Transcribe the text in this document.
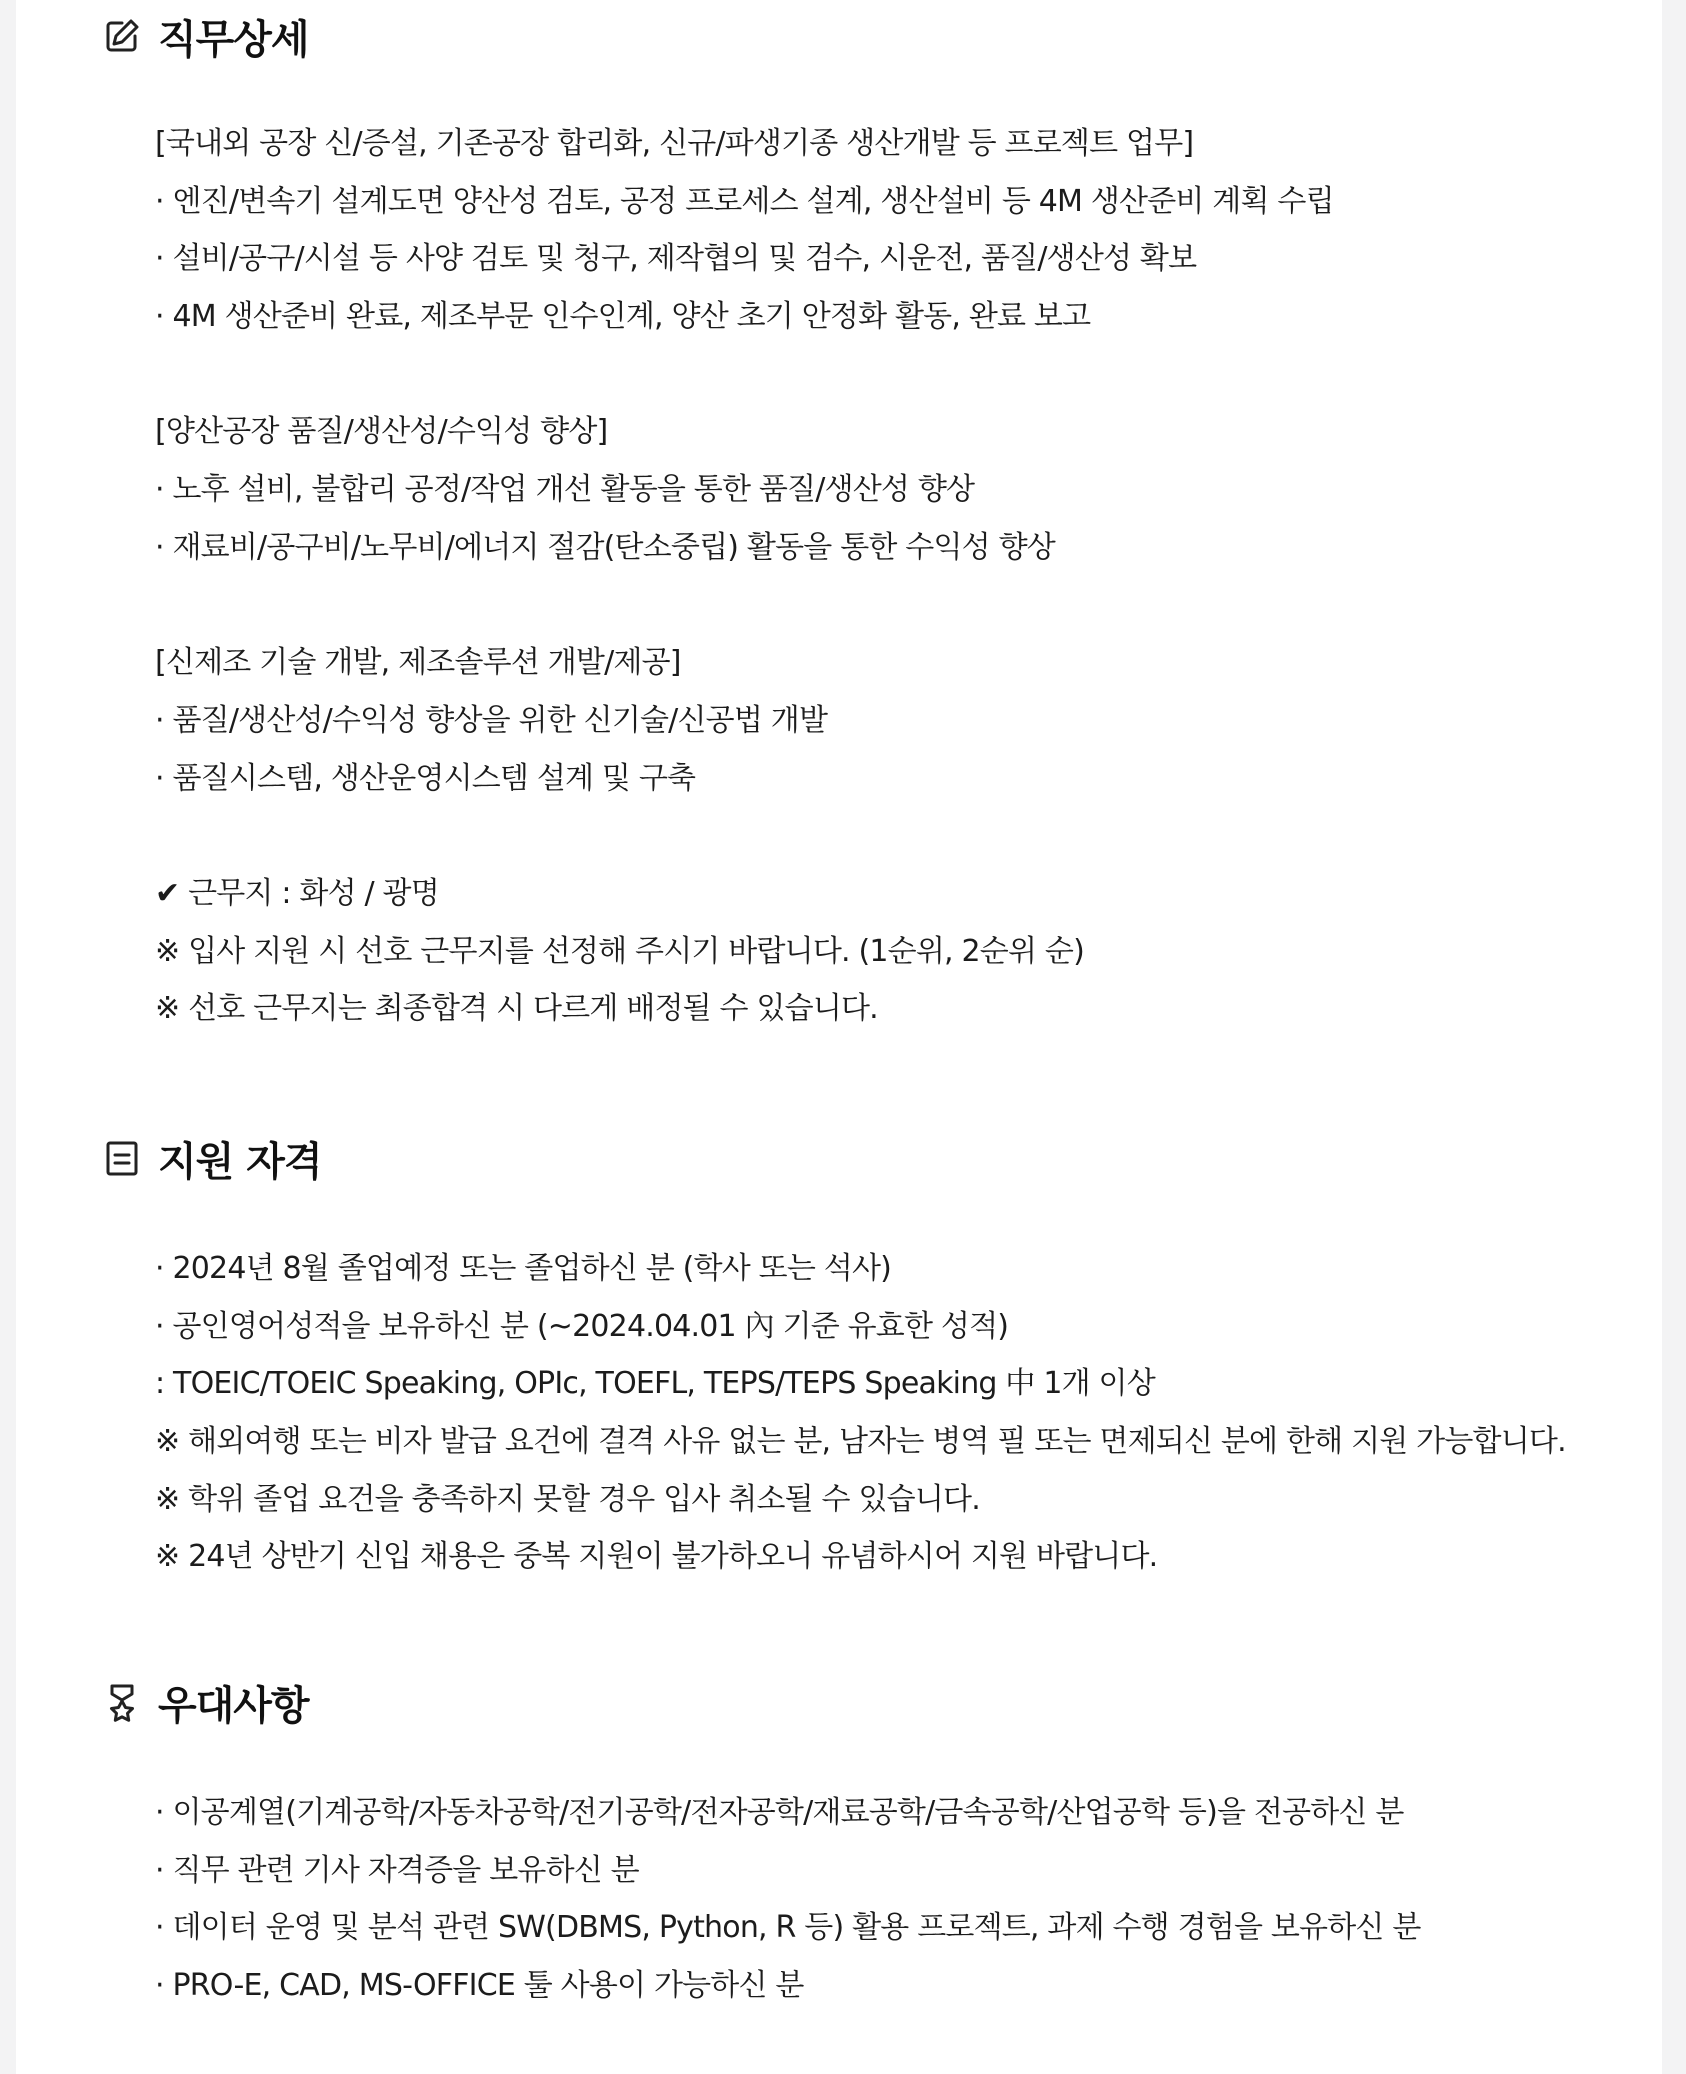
직무상세
[국내외 공장 신/증설, 기존공장 합리화, 신규/파생기종 생산개발 등 프로젝트 업무]
· 엔진/변속기 설계도면 양산성 검토, 공정 프로세스 설계, 생산설비 등 4M 생산준비 계획 수립
· 설비/공구/시설 등 사양 검토 및 청구, 제작협의 및 검수, 시운전, 품질/생산성 확보
· 4M 생산준비 완료, 제조부문 인수인계, 양산 초기 안정화 활동, 완료 보고
[양산공장 품질/생산성/수익성 향상]
· 노후 설비, 불합리 공정/작업 개선 활동을 통한 품질/생산성 향상
· 재료비/공구비/노무비/에너지 절감(탄소중립) 활동을 통한 수익성 향상
[신제조 기술 개발, 제조솔루션 개발/제공]
· 품질/생산성/수익성 향상을 위한 신기술/신공법 개발
· 품질시스템, 생산운영시스템 설계 및 구축
✔ 근무지 : 화성 / 광명
※ 입사 지원 시 선호 근무지를 선정해 주시기 바랍니다. (1순위, 2순위 순)
※ 선호 근무지는 최종합격 시 다르게 배정될 수 있습니다.
지원 자격
· 2024년 8월 졸업예정 또는 졸업하신 분 (학사 또는 석사)
· 공인영어성적을 보유하신 분 (~2024.04.01 內 기준 유효한 성적)
: TOEIC/TOEIC Speaking, OPIc, TOEFL, TEPS/TEPS Speaking 中 1개 이상
※ 해외여행 또는 비자 발급 요건에 결격 사유 없는 분, 남자는 병역 필 또는 면제되신 분에 한해 지원 가능합니다.
※ 학위 졸업 요건을 충족하지 못할 경우 입사 취소될 수 있습니다.
※ 24년 상반기 신입 채용은 중복 지원이 불가하오니 유념하시어 지원 바랍니다.
우대사항
· 이공계열(기계공학/자동차공학/전기공학/전자공학/재료공학/금속공학/산업공학 등)을 전공하신 분
· 직무 관련 기사 자격증을 보유하신 분
· 데이터 운영 및 분석 관련 SW(DBMS, Python, R 등) 활용 프로젝트, 과제 수행 경험을 보유하신 분
· PRO-E, CAD, MS-OFFICE 툴 사용이 가능하신 분
